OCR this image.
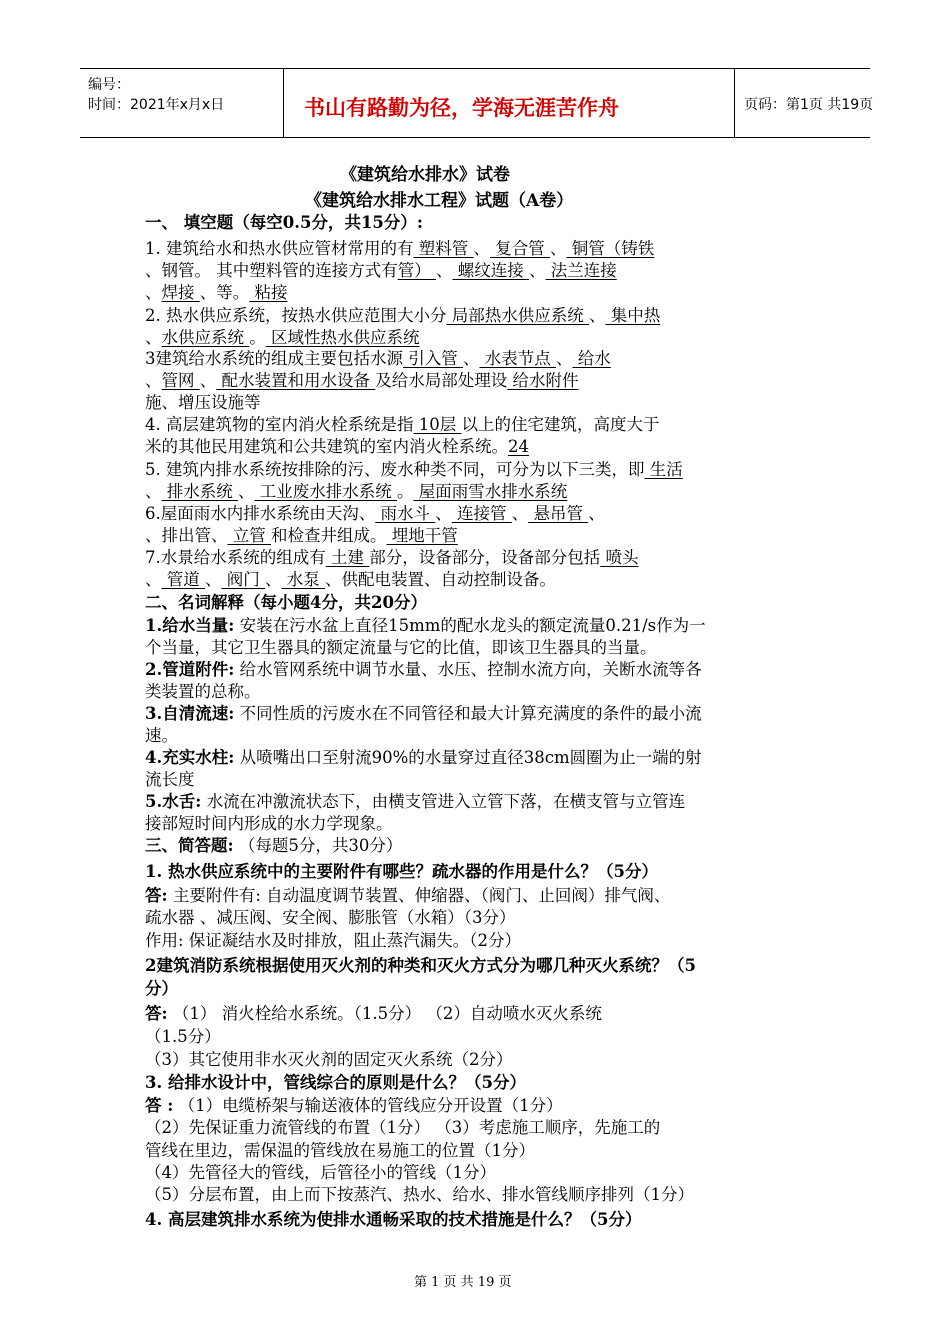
编号：
时间：2021年x月x日	书山有路勤为径，学海无涯苦作舟	页码：第1页 共19页
《建筑给水排水》试卷
《建筑给水排水工程》试题（A卷）
一、 填空题（每空0.5分，共15分）:
1. 建筑给水和热水供应管材常用的有 塑料管 、 复合管 、 铜管（铸铁
、钢管。 其中塑料管的连接方式有管） 、 螺纹连接 、 法兰连接
、焊接 、等。 粘接
2. 热水供应系统，按热水供应范围大小分 局部热水供应系统 、 集中热
、水供应系统 。 区域性热水供应系统
3建筑给水系统的组成主要包括水源 引入管 、 水表节点 、 给水
、管网 、 配水装置和用水设备 及给水局部处理设 给水附件
施、增压设施等
4. 高层建筑物的室内消火栓系统是指 10层 以上的住宅建筑，高度大于
米的其他民用建筑和公共建筑的室内消火栓系统。24
5. 建筑内排水系统按排除的污、废水种类不同，可分为以下三类，即 生活
、 排水系统 、 工业废水排水系统 。 屋面雨雪水排水系统
6.屋面雨水内排水系统由天沟、 雨水斗 、 连接管 、 悬吊管 、
、排出管、 立管 和检查井组成。 埋地干管
7.水景给水系统的组成有 土建 部分，设备部分，设备部分包括 喷头
、 管道 、 阀门 、 水泵 、供配电装置、自动控制设备。
二、名词解释（每小题4分，共20分）
1.给水当量: 安装在污水盆上直径15mm的配水龙头的额定流量0.21/s作为一
个当量，其它卫生器具的额定流量与它的比值，即该卫生器具的当量。
2.管道附件: 给水管网系统中调节水量、水压、控制水流方向，关断水流等各
类装置的总称。
3.自清流速: 不同性质的污废水在不同管径和最大计算充满度的条件的最小流
速。
4.充实水柱: 从喷嘴出口至射流90%的水量穿过直径38cm圆圈为止一端的射
流长度
5.水舌: 水流在冲激流状态下，由横支管进入立管下落，在横支管与立管连
接部短时间内形成的水力学现象。
三、简答题: （每题5分，共30分）
1. 热水供应系统中的主要附件有哪些？疏水器的作用是什么？（5分）
答: 主要附件有: 自动温度调节装置、伸缩器、（阀门、止回阀）排气阀、
疏水器 、减压阀、安全阀、膨胀管（水箱）（3分）
作用: 保证凝结水及时排放，阻止蒸汽漏失。（2分）
2建筑消防系统根据使用灭火剂的种类和灭火方式分为哪几种灭火系统？（5
分）
答: （1） 消火栓给水系统。（1.5分） （2）自动喷水灭火系统
（1.5分）
（3）其它使用非水灭火剂的固定灭火系统（2分）
3. 给排水设计中，管线综合的原则是什么？（5分）
答 : （1）电缆桥架与输送液体的管线应分开设置（1分）
（2）先保证重力流管线的布置（1分） （3）考虑施工顺序，先施工的
管线在里边，需保温的管线放在易施工的位置（1分）
（4）先管径大的管线，后管径小的管线（1分）
（5）分层布置，由上而下按蒸汽、热水、给水、排水管线顺序排列（1分）
4. 高层建筑排水系统为使排水通畅采取的技术措施是什么？（5分）
第 1 页 共 19 页
